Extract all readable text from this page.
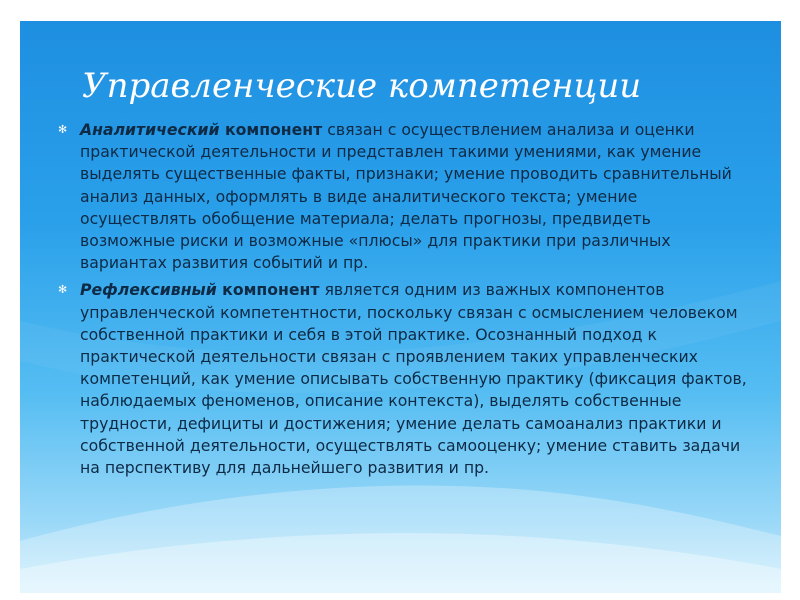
Управленческие компетенции

✻ Аналитический компонент связан с осуществлением анализа и оценки практической деятельности и представлен такими умениями, как умение выделять существенные факты, признаки; умение проводить сравнительный анализ данных, оформлять в виде аналитического текста; умение осуществлять обобщение материала; делать прогнозы, предвидеть возможные риски и возможные «плюсы» для практики при различных вариантах развития событий и пр.

✻ Рефлексивный компонент является одним из важных компонентов управленческой компетентности, поскольку связан с осмыслением человеком собственной практики и себя в этой практике. Осознанный подход к практической деятельности связан с проявлением таких управленческих компетенций, как умение описывать собственную практику (фиксация фактов, наблюдаемых феноменов, описание контекста), выделять собственные трудности, дефициты и достижения; умение делать самоанализ практики и собственной деятельности, осуществлять самооценку; умение ставить задачи на перспективу для дальнейшего развития и пр.
